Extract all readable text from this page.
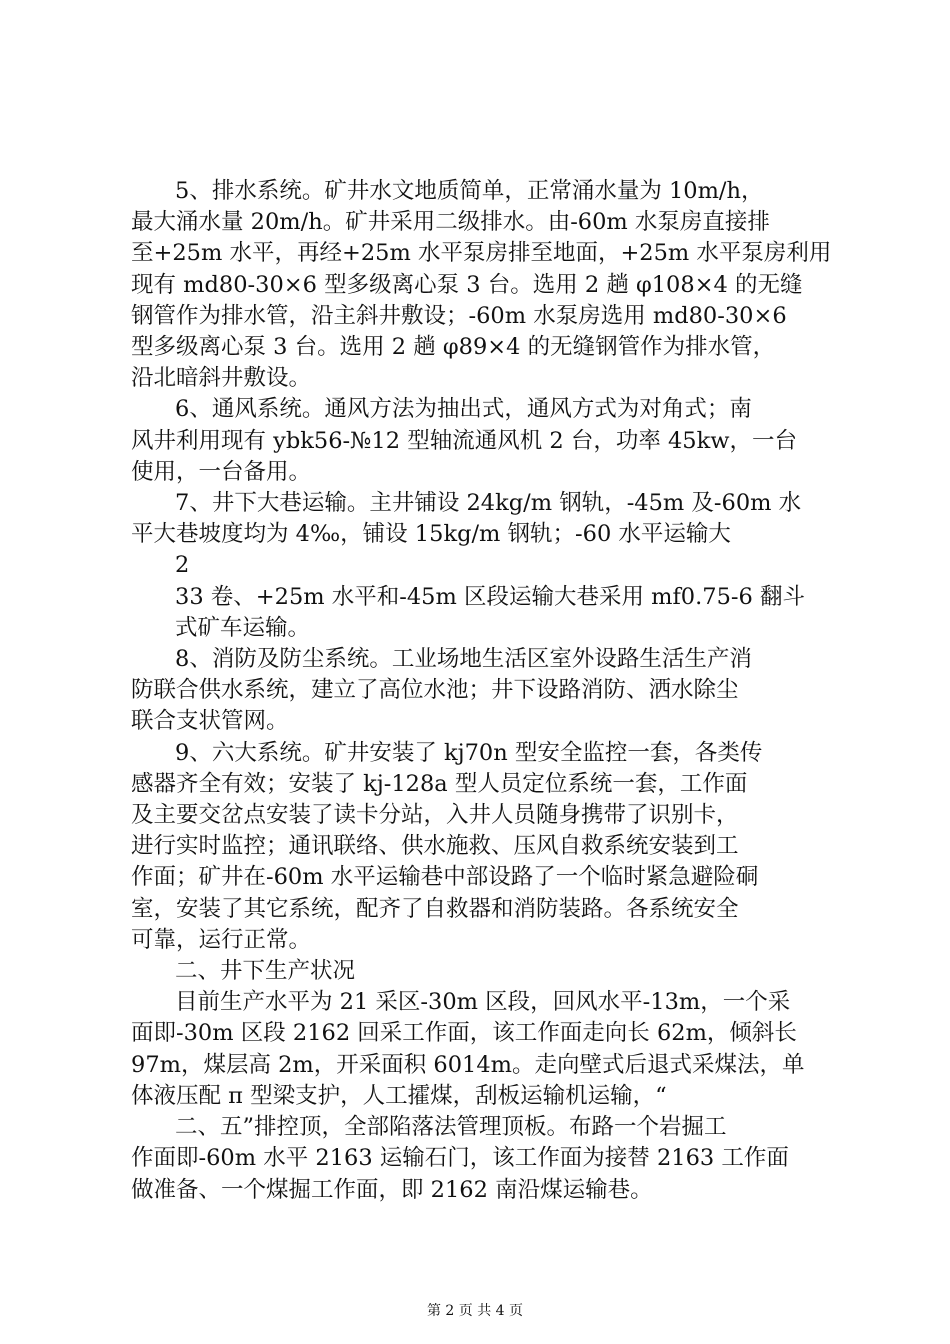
5、排水系统。矿井水文地质简单，正常涌水量为 10m/h，
最大涌水量 20m/h。矿井采用二级排水。由-60m 水泵房直接排
至+25m 水平，再经+25m 水平泵房排至地面，+25m 水平泵房利用
现有 md80-30×6 型多级离心泵 3 台。选用 2 趟 φ108×4 的无缝
钢管作为排水管，沿主斜井敷设；-60m 水泵房选用 md80-30×6
型多级离心泵 3 台。选用 2 趟 φ89×4 的无缝钢管作为排水管，
沿北暗斜井敷设。
6、通风系统。通风方法为抽出式，通风方式为对角式；南
风井利用现有 ybk56-№12 型轴流通风机 2 台，功率 45kw，一台
使用，一台备用。
7、井下大巷运输。主井铺设 24kg/m 钢轨，-45m 及-60m 水
平大巷坡度均为 4‰，铺设 15kg/m 钢轨；-60 水平运输大
2
33 卷、+25m 水平和-45m 区段运输大巷采用 mf0.75-6 翻斗
式矿车运输。
8、消防及防尘系统。工业场地生活区室外设路生活生产消
防联合供水系统，建立了高位水池；井下设路消防、洒水除尘
联合支状管网。
9、六大系统。矿井安装了 kj70n 型安全监控一套，各类传
感器齐全有效；安装了 kj-128a 型人员定位系统一套，工作面
及主要交岔点安装了读卡分站，入井人员随身携带了识别卡，
进行实时监控；通讯联络、供水施救、压风自救系统安装到工
作面；矿井在-60m 水平运输巷中部设路了一个临时紧急避险硐
室，安装了其它系统，配齐了自救器和消防装路。各系统安全
可靠，运行正常。
二、井下生产状况
目前生产水平为 21 采区-30m 区段，回风水平-13m，一个采
面即-30m 区段 2162 回采工作面，该工作面走向长 62m，倾斜长
97m，煤层高 2m，开采面积 6014m。走向壁式后退式采煤法，单
体液压配 π 型梁支护，人工攉煤，刮板运输机运输，“
二、五”排控顶，全部陷落法管理顶板。布路一个岩掘工
作面即-60m 水平 2163 运输石门，该工作面为接替 2163 工作面
做准备、一个煤掘工作面，即 2162 南沿煤运输巷。
第 2 页 共 4 页
